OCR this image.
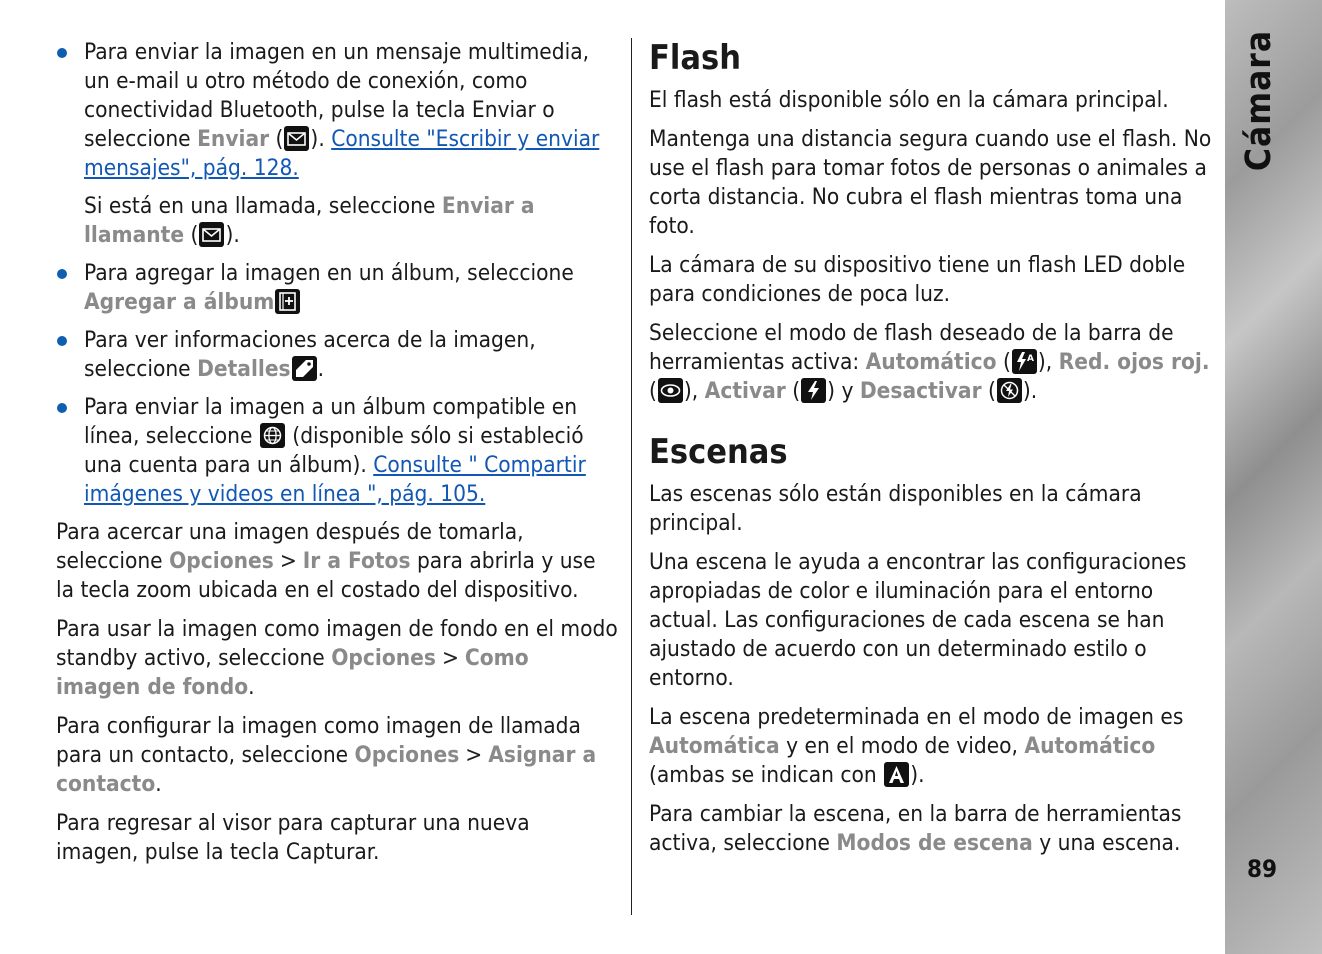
Para enviar la imagen en un mensaje multimedia, un e-mail u otro método de conexión, como conectividad Bluetooth, pulse la tecla Enviar o seleccione Enviar ( ). Consulte "Escribir y enviar mensajes", pág. 128.
Si está en una llamada, seleccione Enviar a llamante ( ).
Para agregar la imagen en un álbum, seleccione Agregar a álbum
Para ver informaciones acerca de la imagen, seleccione Detalles .
Para enviar la imagen a un álbum compatible en línea, seleccione
(disponible sólo si estableció una cuenta para un álbum). Consulte " Compartir imágenes y videos en línea ", pág. 105.

Para acercar una imagen después de tomarla, seleccione Opciones > Ir a Fotos para abrirla y use la tecla zoom ubicada en el costado del dispositivo.

Para usar la imagen como imagen de fondo en el modo standby activo, seleccione Opciones > Como imagen de fondo.

Para configurar la imagen como imagen de llamada para un contacto, seleccione Opciones > Asignar a contacto.

Para regresar al visor para capturar una nueva imagen, pulse la tecla Capturar.

Flash

El flash está disponible sólo en la cámara principal.

Mantenga una distancia segura cuando use el flash. No use el flash para tomar fotos de personas o animales a corta distancia. No cubra el flash mientras toma una foto.

La cámara de su dispositivo tiene un flash LED doble para condiciones de poca luz.

Seleccione el modo de flash deseado de la barra de herramientas activa: Automático ( A ), Red. ojos roj. ( ), Activar ( ) y Desactivar ( ).

Escenas

Las escenas sólo están disponibles en la cámara principal.

Una escena le ayuda a encontrar las configuraciones apropiadas de color e iluminación para el entorno actual. Las configuraciones de cada escena se han ajustado de acuerdo con un determinado estilo o entorno.

La escena predeterminada en el modo de imagen es Automática y en el modo de video, Automático (ambas se indican con
).

Para cambiar la escena, en la barra de herramientas activa, seleccione Modos de escena y una escena.

Cámara
89
